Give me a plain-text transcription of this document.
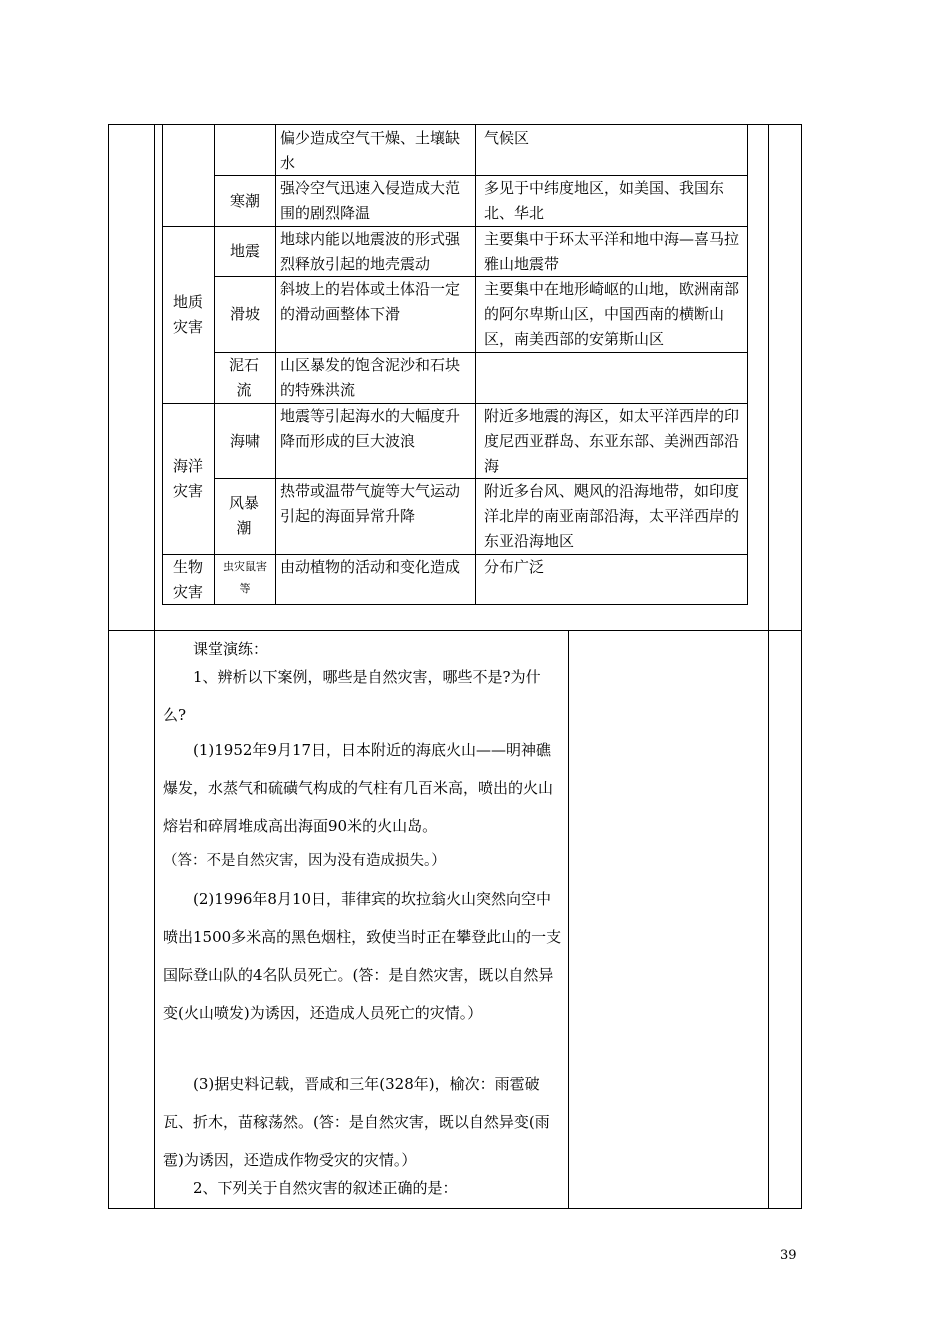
偏少造成空气干燥、土壤缺水
气候区
寒潮
强冷空气迅速入侵造成大范围的剧烈降温
多见于中纬度地区，如美国、我国东北、华北
地质灾害
地震
地球内能以地震波的形式强烈释放引起的地壳震动
主要集中于环太平洋和地中海—喜马拉雅山地震带
滑坡
斜坡上的岩体或土体沿一定的滑动画整体下滑
主要集中在地形崎岖的山地，欧洲南部的阿尔卑斯山区，中国西南的横断山区，南美西部的安第斯山区
泥石流
山区暴发的饱含泥沙和石块的特殊洪流
海洋灾害
海啸
地震等引起海水的大幅度升降而形成的巨大波浪
附近多地震的海区，如太平洋西岸的印度尼西亚群岛、东亚东部、美洲西部沿海
风暴潮
热带或温带气旋等大气运动引起的海面异常升降
附近多台风、飓风的沿海地带，如印度洋北岸的南亚南部沿海，太平洋西岸的东亚沿海地区
生物灾害
虫灾鼠害等
由动植物的活动和变化造成	分布广泛
课堂演练：
1、辨析以下案例，哪些是自然灾害，哪些不是?为什么?
(1)1952年9月17日，日本附近的海底火山——明神礁爆发，水蒸气和硫磺气构成的气柱有几百米高，喷出的火山熔岩和碎屑堆成高出海面90米的火山岛。
（答：不是自然灾害，因为没有造成损失。）
(2)1996年8月10日，菲律宾的坎拉翁火山突然向空中喷出1500多米高的黑色烟柱，致使当时正在攀登此山的一支国际登山队的4名队员死亡。(答：是自然灾害，既以自然异变(火山喷发)为诱因，还造成人员死亡的灾情。）
(3)据史料记载，晋咸和三年(328年)，榆次：雨雹破瓦、折木，苗稼荡然。(答：是自然灾害，既以自然异变(雨雹)为诱因，还造成作物受灾的灾情。）
2、下列关于自然灾害的叙述正确的是：
39
